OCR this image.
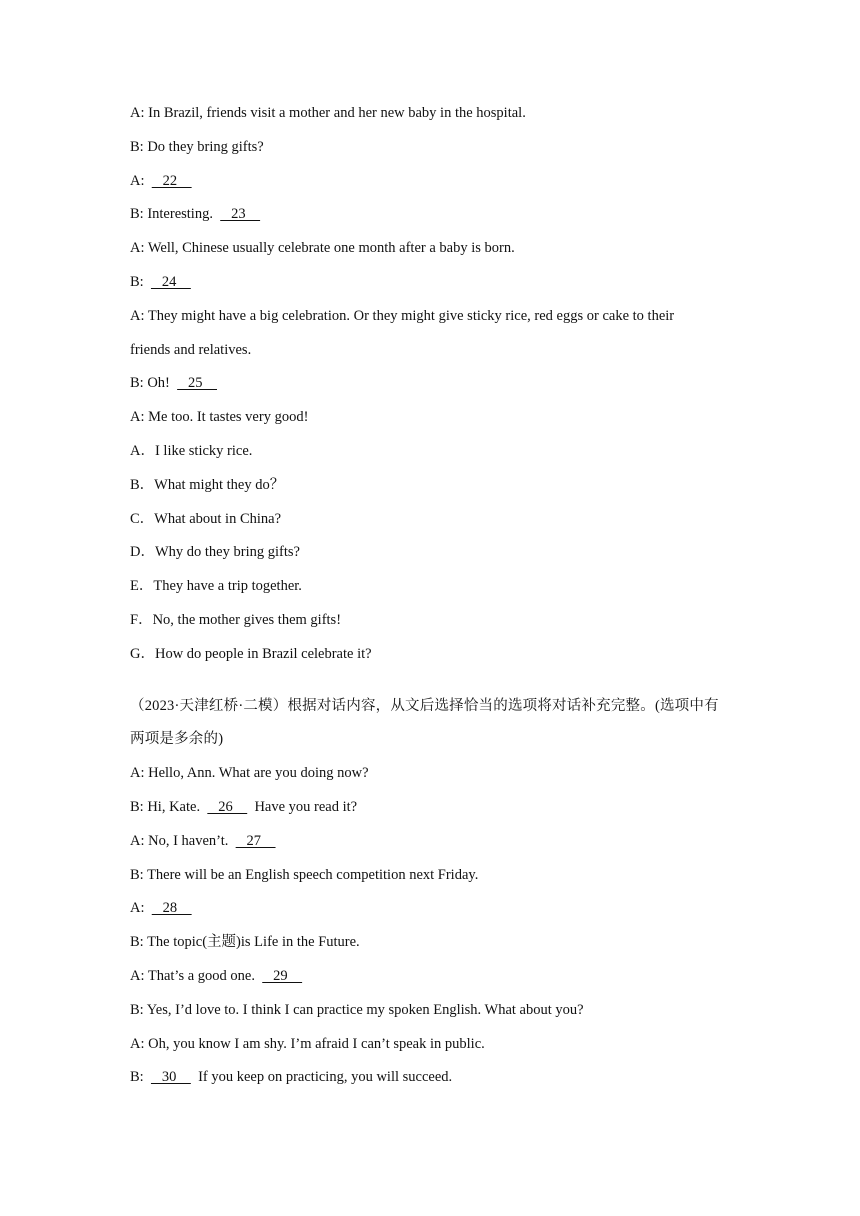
A: In Brazil, friends visit a mother and her new baby in the hospital.
B: Do they bring gifts?
A:     22
B: Interesting.     23
A: Well, Chinese usually celebrate one month after a baby is born.
B:     24
A: They might have a big celebration. Or they might give sticky rice, red eggs or cake to their
friends and relatives.
B: Oh!     25
A: Me too. It tastes very good!
A．I like sticky rice.
B．What might they do？
C．What about in China?
D．Why do they bring gifts?
E．They have a trip together.
F．No, the mother gives them gifts!
G．How do people in Brazil celebrate it?
（2023·天津红桥·二模）根据对话内容，从文后选择恰当的选项将对话补充完整。(选项中有
两项是多余的)
A: Hello, Ann. What are you doing now?
B: Hi, Kate.     26      Have you read it?
A: No, I haven’t.     27
B: There will be an English speech competition next Friday.
A:     28
B: The topic(主题)is Life in the Future.
A: That’s a good one.     29
B: Yes, I’d love to. I think I can practice my spoken English. What about you?
A: Oh, you know I am shy. I’m afraid I can’t speak in public.
B:     30      If you keep on practicing, you will succeed.
